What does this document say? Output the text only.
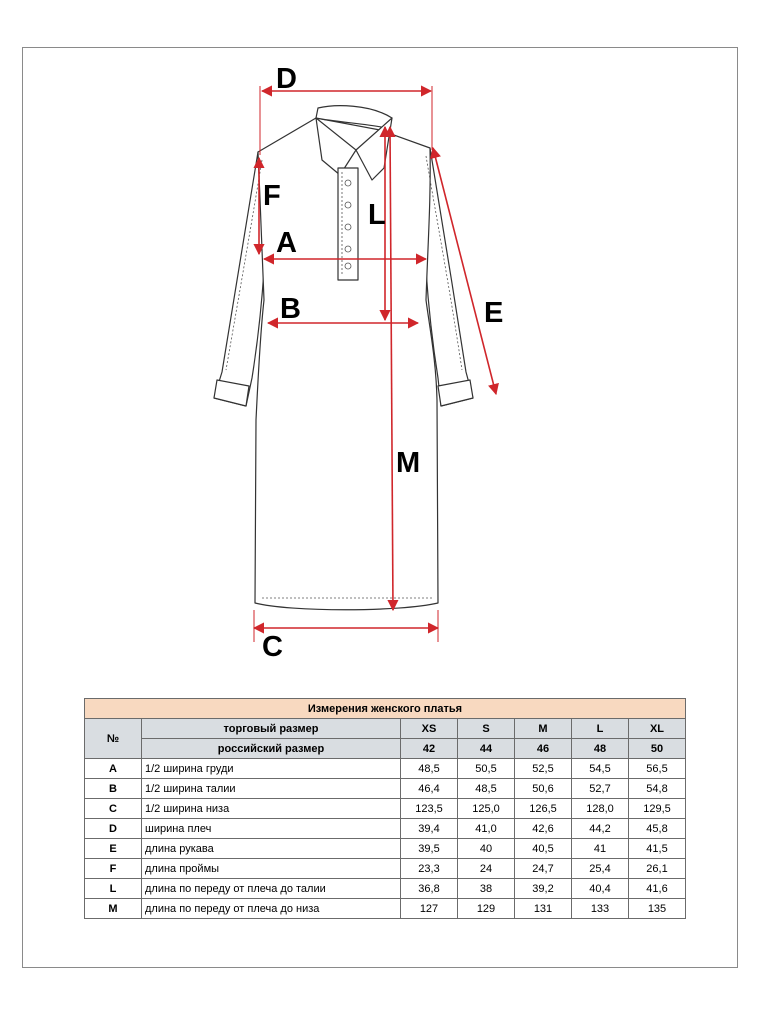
D
F
A
L
B	E
M
C
Измерения женского платья						
№	торговый размер	XS	S	M	L	XL
	российский размер	42	44	46	48	50
A	1/2 ширина груди	48,5	50,5	52,5	54,5	56,5
B	1/2 ширина талии	46,4	48,5	50,6	52,7	54,8
C	1/2 ширина низа	123,5	125,0	126,5	128,0	129,5
D	ширина плеч	39,4	41,0	42,6	44,2	45,8
E	длина рукава	39,5	40	40,5	41	41,5
F	длина проймы	23,3	24	24,7	25,4	26,1
L	длина по переду от плеча до талии	36,8	38	39,2	40,4	41,6
M	длина по переду от плеча до низа	127	129	131	133	135
